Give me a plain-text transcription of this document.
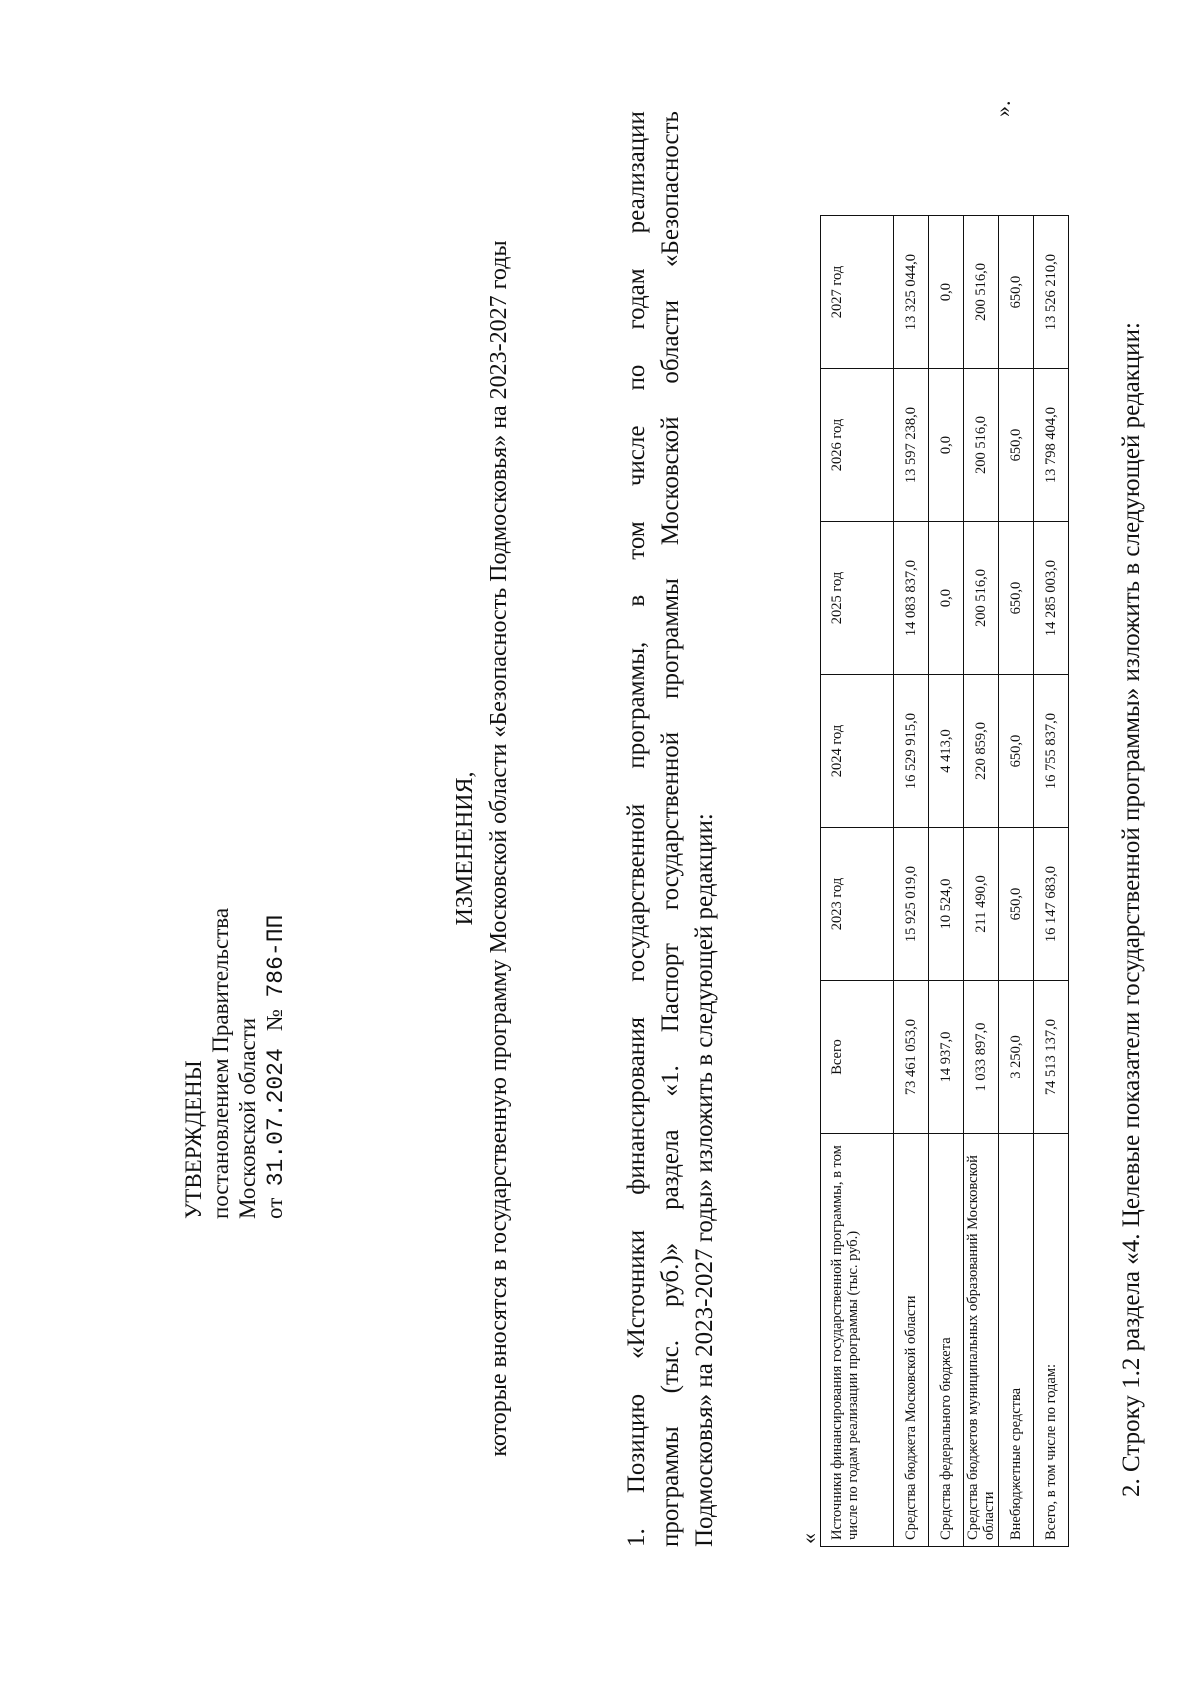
УТВЕРЖДЕНЫ постановлением Правительства Московской области от  31.07.2024   №  786-ПП
ИЗМЕНЕНИЯ, которые вносятся в государственную программу Московской области «Безопасность Подмосковья» на 2023-2027 годы
1.
Позицию
«Источники
финансирования
государственной
программы,
в
том
числе
по
годам
реализации
программы
(тыс.
руб.)»
раздела
«1.
Паспорт
государственной
программы
Московской
области
«Безопасность
Подмосковья» на 2023-2027 годы» изложить в следующей редакции:	« Источники финансирования государственной программы, в том числе по годам реализации программы (тыс. руб.)	Всего	2023 год	2024 год	2025 год	2026 год	2027 год
Средства бюджета Московской области	73 461 053,0	15 925 019,0	16 529 915,0	14 083 837,0	13 597 238,0	13 325 044,0
Средства федерального бюджета	14 937,0	10 524,0	4 413,0	0,0	0,0	0,0
Средства бюджетов муниципальных образований Московской области	1 033 897,0	211 490,0	220 859,0	200 516,0	200 516,0	200 516,0
Внебюджетные средства	3 250,0	650,0	650,0	650,0	650,0	650,0
Всего, в том числе по годам:	74 513 137,0	16 147 683,0	16 755 837,0	14 285 003,0	13 798 404,0	13 526 210,0
».
2. Строку 1.2 раздела «4. Целевые показатели государственной программы» изложить в следующей редакции:
